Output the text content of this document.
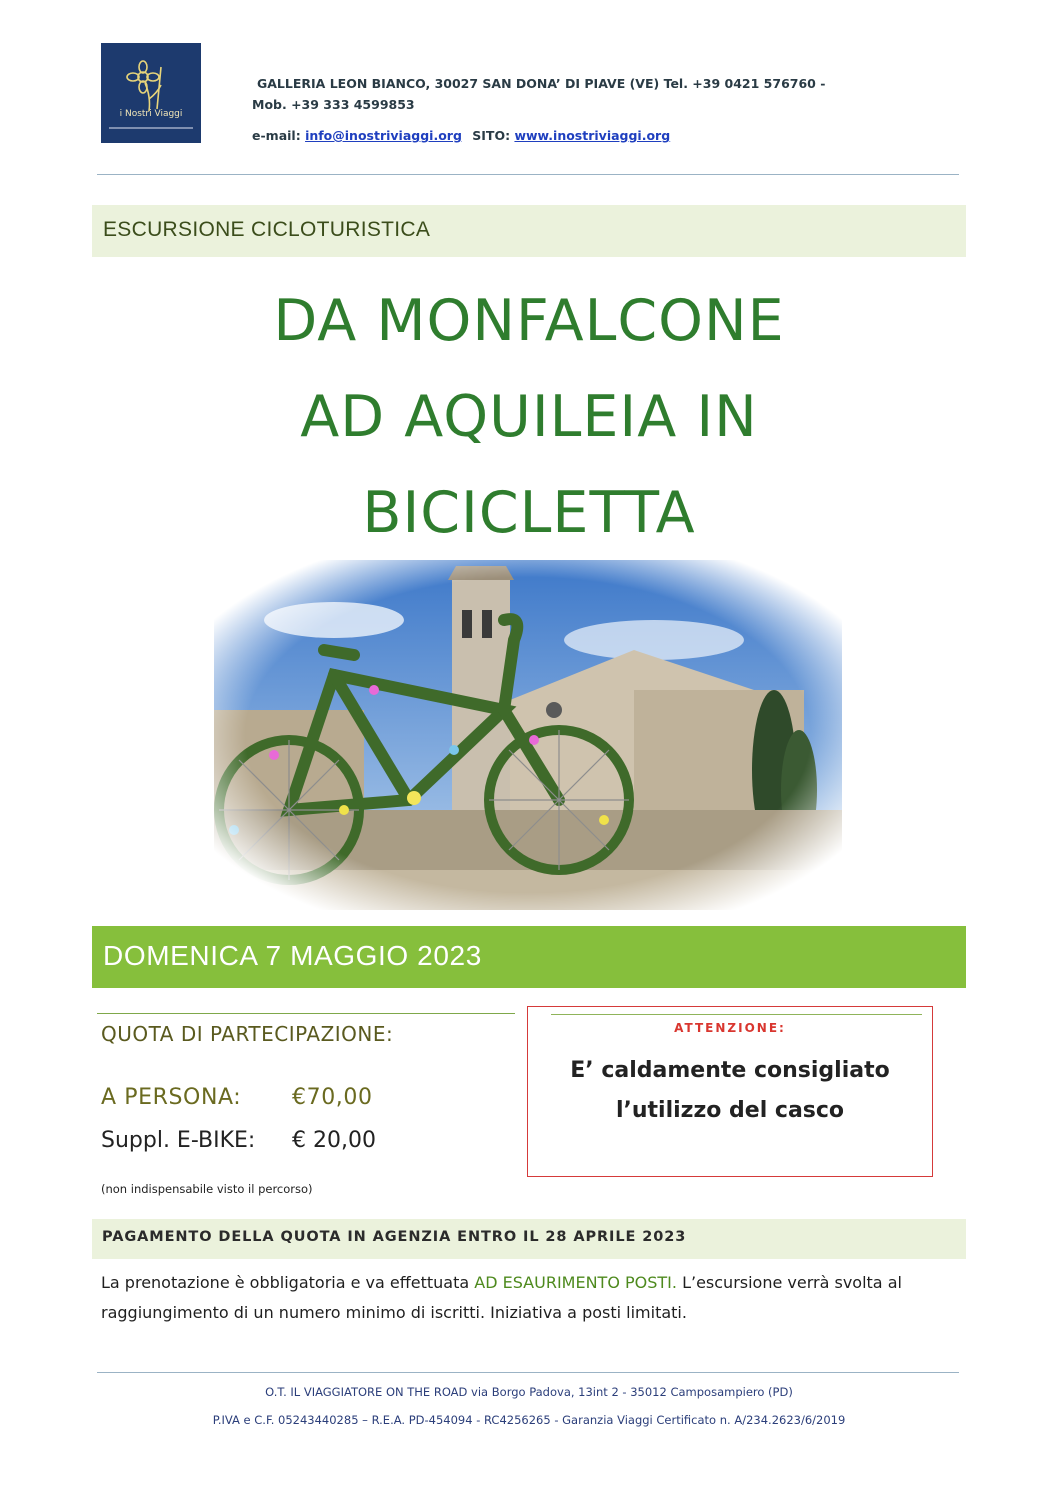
i Nostri Viaggi
GALLERIA LEON BIANCO, 30027 SAN DONA’ DI PIAVE (VE) Tel. +39 0421 576760 -
Mob. +39 333 4599853
e-mail: info@inostriviaggi.org SITO: www.inostriviaggi.org
ESCURSIONE CICLOTURISTICA
DA MONFALCONE
AD AQUILEIA IN
BICICLETTA
DOMENICA 7 MAGGIO 2023
QUOTA DI PARTECIPAZIONE:
A PERSONA: €70,00
Suppl. E-BIKE: € 20,00
(non indispensabile visto il percorso)
ATTENZIONE:
E’ caldamente consigliato
l’utilizzo del casco
PAGAMENTO DELLA QUOTA IN AGENZIA ENTRO IL 28 APRILE 2023
La prenotazione è obbligatoria e va effettuata AD ESAURIMENTO POSTI. L’escursione verrà svolta al raggiungimento di un numero minimo di iscritti. Iniziativa a posti limitati.
O.T. IL VIAGGIATORE ON THE ROAD via Borgo Padova, 13int 2 - 35012 Camposampiero (PD)
P.IVA e C.F. 05243440285 – R.E.A. PD-454094 - RC4256265 - Garanzia Viaggi Certificato n. A/234.2623/6/2019
